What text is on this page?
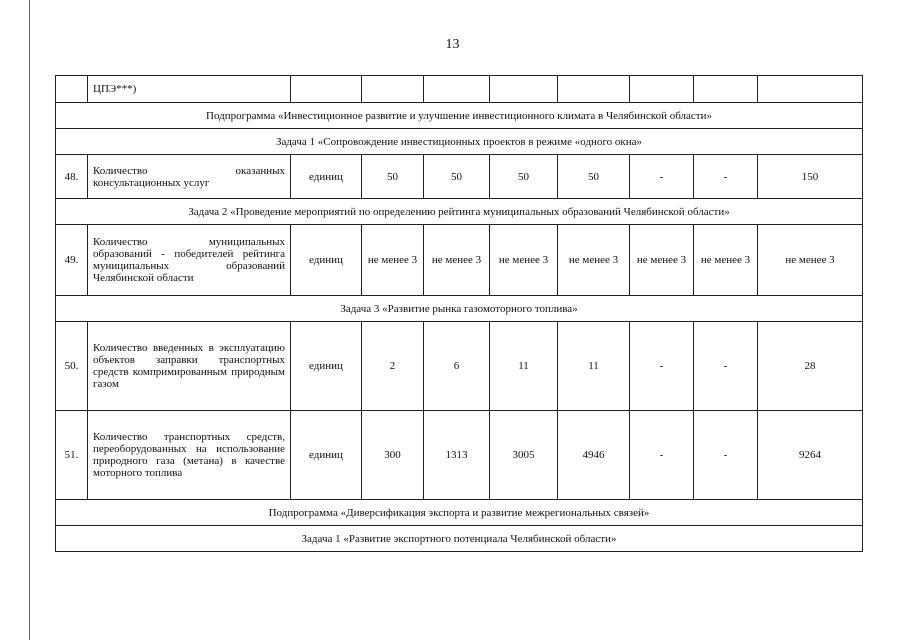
13
	ЦПЭ***)								
Подпрограмма «Инвестиционное развитие и улучшение инвестиционного климата в Челябинской области»									
Задача 1 «Сопровождение инвестиционных проектов в режиме «одного окна»									
48.	Количество оказанных консультационных услуг	единиц	50	50	50	50	-	-	150
Задача 2 «Проведение мероприятий по определению рейтинга муниципальных образований Челябинской области»									
49.	Количество муниципальных образований - победителей рейтинга муниципальных образований Челябинской области	единиц	не менее 3	не менее 3	не менее 3	не менее 3	не менее 3	не менее 3	не менее 3
Задача 3 «Развитие рынка газомоторного топлива»									
50.	Количество введенных в эксплуатацию объектов заправки транспортных средств компримированным природным газом	единиц	2	6	11	11	-	-	28
51.	Количество транспортных средств, переоборудованных на использование природного газа (метана) в качестве моторного топлива	единиц	300	1313	3005	4946	-	-	9264
Подпрограмма «Диверсификация экспорта и развитие межрегиональных связей»									
Задача 1 «Развитие экспортного потенциала Челябинской области»									
